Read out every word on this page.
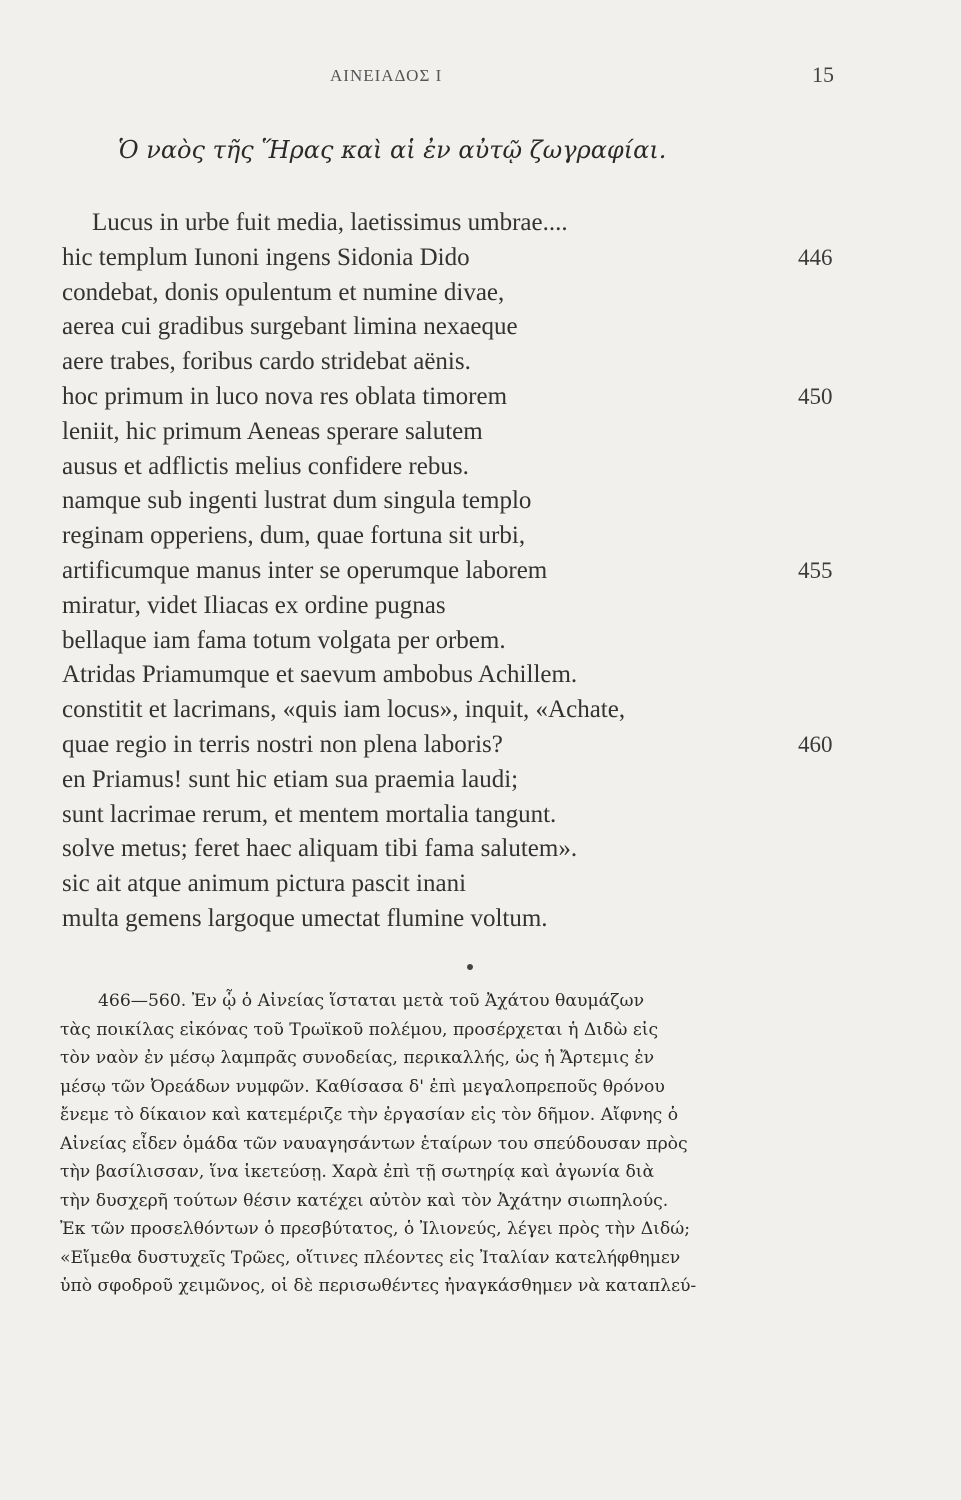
ΑΙΝΕΙΑΔΟΣ Ι	15
Ὁ ναὸς τῆς Ἥρας καὶ αἱ ἐν αὐτῷ ζωγραφίαι.
Lucus in urbe fuit media, laetissimus umbrae....
hic templum Iunoni ingens Sidonia Dido	446
condebat, donis opulentum et numine divae,
aerea cui gradibus surgebant limina nexaeque
aere trabes, foribus cardo stridebat aënis.
hoc primum in luco nova res oblata timorem	450
leniit, hic primum Aeneas sperare salutem
ausus et adflictis melius confidere rebus.
namque sub ingenti lustrat dum singula templo
reginam opperiens, dum, quae fortuna sit urbi,
artificumque manus inter se operumque laborem	455
miratur, videt Iliacas ex ordine pugnas
bellaque iam fama totum volgata per orbem.
Atridas Priamumque et saevum ambobus Achillem.
constitit et lacrimans, «quis iam locus», inquit, «Achate,
quae regio in terris nostri non plena laboris?	460
en Priamus! sunt hic etiam sua praemia laudi;
sunt lacrimae rerum, et mentem mortalia tangunt.
solve metus; feret haec aliquam tibi fama salutem».
sic ait atque animum pictura pascit inani
multa gemens largoque umectat flumine voltum.
466—560. Ἐν ᾧ ὁ Αἰνείας ἵσταται μετὰ τοῦ Ἀχάτου θαυμάζων
τὰς ποικίλας εἰκόνας τοῦ Τρωϊκοῦ πολέμου, προσέρχεται ἡ Διδὼ εἰς
τὸν ναὸν ἐν μέσῳ λαμπρᾶς συνοδείας, περικαλλής, ὡς ἡ Ἄρτεμις ἐν
μέσῳ τῶν Ὀρεάδων νυμφῶν. Καθίσασα δ' ἐπὶ μεγαλοπρεποῦς θρόνου
ἔνεμε τὸ δίκαιον καὶ κατεμέριζε τὴν ἐργασίαν εἰς τὸν δῆμον. Αἴφνης ὁ
Αἰνείας εἶδεν ὁμάδα τῶν ναυαγησάντων ἑταίρων του σπεύδουσαν πρὸς
τὴν βασίλισσαν, ἵνα ἱκετεύσῃ. Χαρὰ ἐπὶ τῇ σωτηρίᾳ καὶ ἀγωνία διὰ
τὴν δυσχερῆ τούτων θέσιν κατέχει αὐτὸν καὶ τὸν Ἀχάτην σιωπηλούς.
Ἐκ τῶν προσελθόντων ὁ πρεσβύτατος, ὁ Ἰλιονεύς, λέγει πρὸς τὴν Διδώ;
«Εἴμεθα δυστυχεῖς Τρῶες, οἵτινες πλέοντες εἰς Ἰταλίαν κατελήφθημεν
ὑπὸ σφοδροῦ χειμῶνος, οἱ δὲ περισωθέντες ἠναγκάσθημεν νὰ καταπλεύ-
